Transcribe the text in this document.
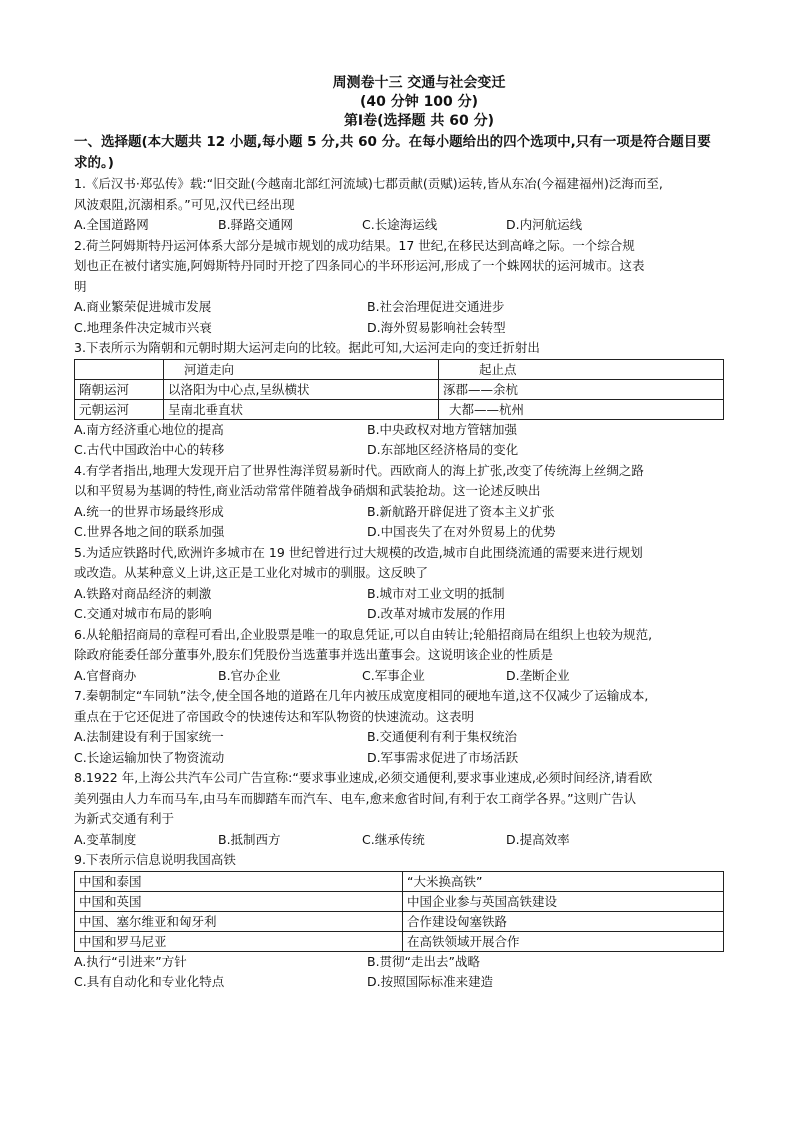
周测卷十三 交通与社会变迁
(40 分钟 100 分)
第Ⅰ卷(选择题 共 60 分)
一、选择题(本大题共 12 小题,每小题 5 分,共 60 分。在每小题给出的四个选项中,只有一项是符合题目要
求的。)

1.《后汉书·郑弘传》载:“旧交趾(今越南北部红河流域)七郡贡献(贡赋)运转,皆从东冶(今福建福州)泛海而至,

风波艰阻,沉溺相系。”可见,汉代已经出现

A.全国道路网	B.驿路交通网	C.长途海运线	D.内河航运线

2.荷兰阿姆斯特丹运河体系大部分是城市规划的成功结果。17 世纪,在移民达到高峰之际。一个综合规

划也正在被付诸实施,阿姆斯特丹同时开挖了四条同心的半环形运河,形成了一个蛛网状的运河城市。这表

明

A.商业繁荣促进城市发展	B.社会治理促进交通进步
C.地理条件决定城市兴衰	D.海外贸易影响社会转型

3.下表所示为隋朝和元朝时期大运河走向的比较。据此可知,大运河走向的变迁折射出

	河道走向	起止点
隋朝运河	以洛阳为中心点,呈纵横状	涿郡——余杭
元朝运河	呈南北垂直状	大都——杭州
A.南方经济重心地位的提高	B.中央政权对地方管辖加强
C.古代中国政治中心的转移	D.东部地区经济格局的变化

4.有学者指出,地理大发现开启了世界性海洋贸易新时代。西欧商人的海上扩张,改变了传统海上丝绸之路

以和平贸易为基调的特性,商业活动常常伴随着战争硝烟和武装抢劫。这一论述反映出

A.统一的世界市场最终形成	B.新航路开辟促进了资本主义扩张
C.世界各地之间的联系加强	D.中国丧失了在对外贸易上的优势

5.为适应铁路时代,欧洲许多城市在 19 世纪曾进行过大规模的改造,城市自此围绕流通的需要来进行规划

或改造。从某种意义上讲,这正是工业化对城市的驯服。这反映了

A.铁路对商品经济的刺激	B.城市对工业文明的抵制
C.交通对城市布局的影响	D.改革对城市发展的作用

6.从轮船招商局的章程可看出,企业股票是唯一的取息凭证,可以自由转让;轮船招商局在组织上也较为规范,

除政府能委任部分董事外,股东们凭股份当选董事并选出董事会。这说明该企业的性质是

A.官督商办	B.官办企业	C.军事企业	D.垄断企业

7.秦朝制定“车同轨”法令,使全国各地的道路在几年内被压成宽度相同的硬地车道,这不仅减少了运输成本,

重点在于它还促进了帝国政令的快速传达和军队物资的快速流动。这表明

A.法制建设有利于国家统一	B.交通便利有利于集权统治
C.长途运输加快了物资流动	D.军事需求促进了市场活跃

8.1922 年,上海公共汽车公司广告宣称:“要求事业速成,必须交通便利,要求事业速成,必须时间经济,请看欧

美列强由人力车而马车,由马车而脚踏车而汽车、电车,愈来愈省时间,有利于农工商学各界。”这则广告认

为新式交通有利于

A.变革制度	B.抵制西方	C.继承传统	D.提高效率

9.下表所示信息说明我国高铁

中国和泰国	“大米换高铁”
中国和英国	中国企业参与英国高铁建设
中国、塞尔维亚和匈牙利	合作建设匈塞铁路
中国和罗马尼亚	在高铁领域开展合作
A.执行“引进来”方针	B.贯彻“走出去”战略
C.具有自动化和专业化特点	D.按照国际标准来建造
